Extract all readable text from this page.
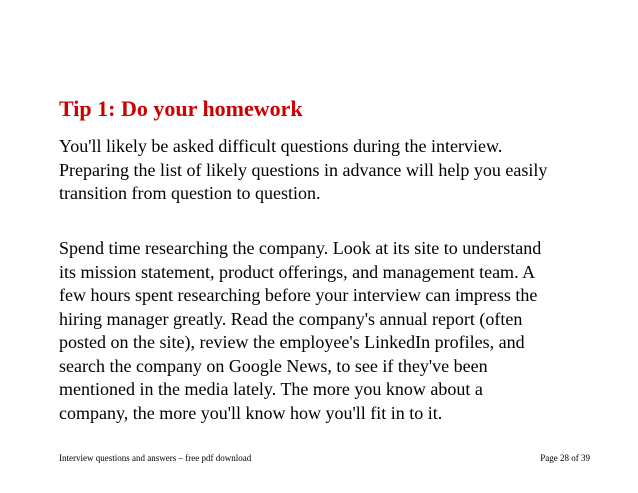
Tip 1: Do your homework

You'll likely be asked difficult questions during the interview.
Preparing the list of likely questions in advance will help you easily
transition from question to question.

Spend time researching the company. Look at its site to understand
its mission statement, product offerings, and management team. A
few hours spent researching before your interview can impress the
hiring manager greatly. Read the company's annual report (often
posted on the site), review the employee's LinkedIn profiles, and
search the company on Google News, to see if they've been
mentioned in the media lately. The more you know about a
company, the more you'll know how you'll fit in to it.

Interview questions and answers – free pdf download	Page 28 of 39
